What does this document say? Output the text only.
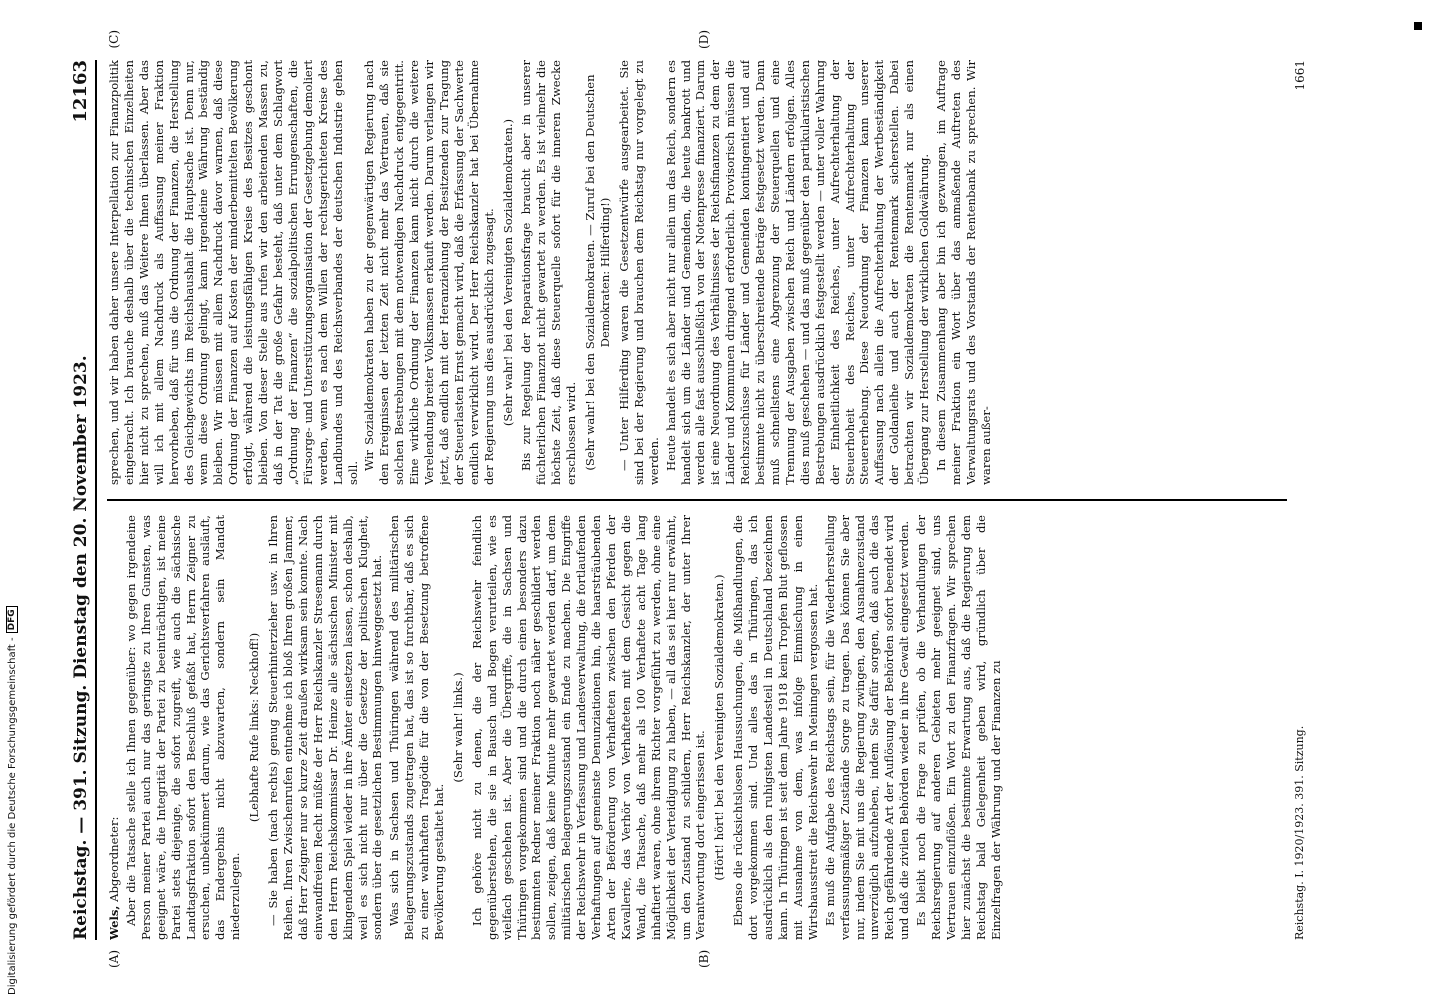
Digitalisierung gefördert durch die Deutsche Forschungsgemeinschaft -
DFG	Reichstag. — 391. Sitzung. Dienstag den 20. November 1923.
12163
(A)	(B)
(C)	(D)

Wels, Abgeordneter: Aber die Tatsache stelle ich Ihnen gegenüber: wo gegen irgendeine Person meiner Partei auch nur das geringste zu Ihren Gunsten, was geeignet wäre, die Integrität der Partei zu beeinträchtigen, ist meine Partei stets diejenige, die sofort zugreift, wie auch die sächsische Landtagsfraktion sofort den Beschluß gefaßt hat, Herrn Zeigner zu ersuchen, unbekümmert darum, wie das Gerichtsverfahren ausläuft, das Endergebnis nicht abzuwarten, sondern sein Mandat niederzulegen.

(Lebhafte Rufe links: Neckhoff!) — Sie haben (nach rechts) genug Steuerhinterzieher usw. in Ihren Reihen. Ihren Zwischenrufen entnehme ich bloß Ihren großen Jammer, daß Herr Zeigner nur so kurze Zeit draußen wirksam sein konnte. Nach einwandfreiem Recht müßte der Herr Reichskanzler Stresemann durch den Herrn Reichskommissar Dr. Heinze alle sächsischen Minister mit klingendem Spiel wieder in ihre Ämter einsetzen lassen, schon deshalb, weil es sich nicht nur über die Gesetze der politischen Klugheit, sondern über die gesetzlichen Bestimmungen hinweggesetzt hat. Was sich in Sachsen und Thüringen während des militärischen Belagerungszustands zugetragen hat, das ist so furchtbar, daß es sich zu einer wahrhaften Tragödie für die von der Besetzung betroffene Bevölkerung gestaltet hat.

(Sehr wahr! links.) Ich gehöre nicht zu denen, die der Reichswehr feindlich gegenüberstehen, die sie in Bausch und Bogen verurteilen, wie es vielfach geschehen ist. Aber die Übergriffe, die in Sachsen und Thüringen vorgekommen sind und die durch einen besonders dazu bestimmten Redner meiner Fraktion noch näher geschildert werden sollen, zeigen, daß keine Minute mehr gewartet werden darf, um dem militärischen Belagerungszustand ein Ende zu machen. Die Eingriffe der Reichswehr in Verfassung und Landesverwaltung, die fortlaufenden Verhaftungen auf gemeinste Denunziationen hin, die haarsträubenden Arten der Beförderung von Verhafteten zwischen den Pferden der Kavallerie, das Verhör von Verhafteten mit dem Gesicht gegen die Wand, die Tatsache, daß mehr als 100 Verhaftete acht Tage lang inhaftiert waren, ohne ihrem Richter vorgeführt zu werden, ohne eine Möglichkeit der Verteidigung zu haben, — all das sei hier nur erwähnt, um den Zustand zu schildern, Herr Reichskanzler, der unter Ihrer Verantwortung dort eingerissen ist. (Hört! hört! bei den Vereinigten Sozialdemokraten.) Ebenso die rücksichtslosen Haussuchungen, die Mißhandlungen, die dort vorgekommen sind. Und alles das in Thüringen, das ich ausdrücklich als den ruhigsten Landesteil in Deutschland bezeichnen kann. In Thüringen ist seit dem Jahre 1918 kein Tropfen Blut geflossen mit Ausnahme von dem, was infolge Einmischung in einen Wirtshausstreit die Reichswehr in Meiningen vergossen hat. Es muß die Aufgabe des Reichstags sein, für die Wiederherstellung verfassungsmäßiger Zustände Sorge zu tragen. Das können Sie aber nur, indem Sie mit uns die Regierung zwingen, den Ausnahmezustand unverzüglich aufzuheben, indem Sie dafür sorgen, daß auch die das Reich gefährdende Art der Auflösung der Behörden sofort beendet wird und daß die zivilen Behörden wieder in ihre Gewalt eingesetzt werden. Es bleibt noch die Frage zu prüfen, ob die Verhandlungen der Reichsregierung auf anderen Gebieten mehr geeignet sind, uns Vertrauen einzuflößen. Ein Wort zu den Finanzfragen. Wir sprechen hier zunächst die bestimmte Erwartung aus, daß die Regierung dem Reichstag bald Gelegenheit geben wird, gründlich über die Einzelfragen der Währung und der Finanzen zu

sprechen, und wir haben daher unsere Interpellation zur Finanzpolitik eingebracht. Ich brauche deshalb über die technischen Einzelheiten hier nicht zu sprechen, muß das Weitere Ihnen überlassen. Aber das will ich mit allem Nachdruck als Auffassung meiner Fraktion hervorheben, daß für uns die Ordnung der Finanzen, die Herstellung des Gleichgewichts im Reichshaushalt die Hauptsache ist. Denn nur, wenn diese Ordnung gelingt, kann irgendeine Währung beständig bleiben. Wir müssen mit allem Nachdruck davor warnen, daß diese Ordnung der Finanzen auf Kosten der minderbemittelten Bevölkerung erfolgt, während die leistungsfähigen Kreise des Besitzes geschont bleiben. Von dieser Stelle aus rufen wir den arbeitenden Massen zu, daß in der Tat die große Gefahr besteht, daß unter dem Schlagwort „Ordnung der Finanzen“ die sozialpolitischen Errungenschaften, die Fürsorge- und Unterstützungsorganisation der Gesetzgebung demoliert werden, wenn es nach dem Willen der rechtsgerichteten Kreise des Landbundes und des Reichsverbandes der deutschen Industrie gehen soll.

Wir Sozialdemokraten haben zu der gegenwärtigen Regierung nach den Ereignissen der letzten Zeit nicht mehr das Vertrauen, daß sie solchen Bestrebungen mit dem notwendigen Nachdruck entgegentritt. Eine wirkliche Ordnung der Finanzen kann nicht durch die weitere Verelendung breiter Volksmassen erkauft werden. Darum verlangen wir jetzt, daß endlich mit der Heranziehung der Besitzenden zur Tragung der Steuerlasten Ernst gemacht wird, daß die Erfassung der Sachwerte endlich verwirklicht wird. Der Herr Reichskanzler hat bei Übernahme der Regierung uns dies ausdrücklich zugesagt. (Sehr wahr! bei den Vereinigten Sozialdemokraten.) Bis zur Regelung der Reparationsfrage braucht aber in unserer füchterlichen Finanznot nicht gewartet zu werden. Es ist vielmehr die höchste Zeit, daß diese Steuerquelle sofort für die inneren Zwecke erschlossen wird. (Sehr wahr! bei den Sozialdemokraten. — Zuruf bei den Deutschen Demokraten: Hilferding!) — Unter Hilferding waren die Gesetzentwürfe ausgearbeitet. Sie sind bei der Regierung und brauchen dem Reichstag nur vorgelegt zu werden. Heute handelt es sich aber nicht nur allein um das Reich, sondern es handelt sich um die Länder und Gemeinden, die heute bankrott und werden alle fast ausschließlich von der Notenpresse finanziert. Darum ist eine Neuordnung des Verhältnisses der Reichsfinanzen zu dem der Länder und Kommunen dringend erforderlich. Provisorisch müssen die Reichszuschüsse für Länder und Gemeinden kontingentiert und auf bestimmte nicht zu überschreitende Beträge festgesetzt werden. Dann muß schnellstens eine Abgrenzung der Steuerquellen und eine Trennung der Ausgaben zwischen Reich und Ländern erfolgen. Alles dies muß geschehen — und das muß gegenüber den partikularistischen Bestrebungen ausdrücklich festgestellt werden — unter voller Wahrung der Einheitlichkeit des Reiches, unter Aufrechterhaltung der Steuerhoheit des Reiches, unter Aufrechterhaltung der Steuererhebung. Diese Neuordnung der Finanzen kann unserer Auffassung nach allein die Aufrechterhaltung der Wertbeständigkeit der Goldanleihe und auch der Rentenmark sicherstellen. Dabei betrachten wir Sozialdemokraten die Rentenmark nur als einen Übergang zur Herstellung der wirklichen Goldwährung. In diesem Zusammenhang aber bin ich gezwungen, im Auftrage meiner Fraktion ein Wort über das anmaßende Auftreten des Verwaltungsrats und des Vorstands der Rentenbank zu sprechen. Wir waren außer-

Reichstag. I. 1920/1923. 391. Sitzung.
1661
